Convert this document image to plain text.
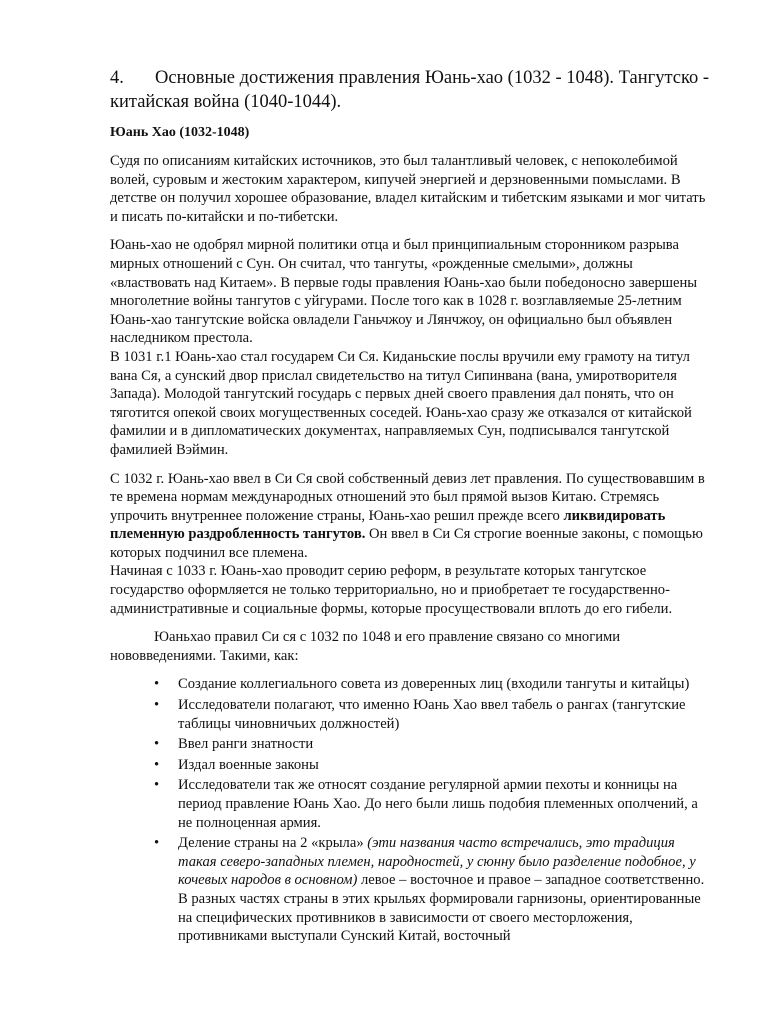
4. Основные достижения правления Юань-хао (1032 - 1048). Тангутско - китайская война (1040-1044).
Юань Хао (1032-1048)

Судя по описаниям китайских источников, это был талантливый человек, с непоколебимой волей, суровым и жестоким характером, кипучей энергией и дерзновенными помыслами. В детстве он получил хорошее образование, владел китайским и тибетским языками и мог читать и писать по-китайски и по-тибетски.

Юань-хао не одобрял мирной политики отца и был принципиальным сторонником разрыва мирных отношений с Сун. Он считал, что тангуты, «рожденные смелыми», должны «властвовать над Китаем». В первые годы правления Юань-хао были победоносно завершены многолетние войны тангутов с уйгурами. После того как в 1028 г. возглавляемые 25-летним Юань-хао тангутские войска овладели Ганьчжоу и Лянчжоу, он официально был объявлен наследником престола.

В 1031 г.1 Юань-хао стал государем Си Ся. Киданьские послы вручили ему грамоту на титул вана Ся, а сунский двор прислал свидетельство на титул Сипинвана (вана, умиротворителя Запада). Молодой тангутский государь с первых дней своего правления дал понять, что он тяготится опекой своих могущественных соседей. Юань-хао сразу же отказался от китайской фамилии и в дипломатических документах, направляемых Сун, подписывался тангутской фамилией Вэймин.

С 1032 г. Юань-хао ввел в Си Ся свой собственный девиз лет правления. По существовавшим в те времена нормам международных отношений это был прямой вызов Китаю. Стремясь упрочить внутреннее положение страны, Юань-хао решил прежде всего ликвидировать племенную раздробленность тангутов. Он ввел в Си Ся строгие военные законы, с помощью которых подчинил все племена.

Начиная с 1033 г. Юань-хао проводит серию реформ, в результате которых тангутское государство оформляется не только территориально, но и приобретает те государственно-административные и социальные формы, которые просуществовали вплоть до его гибели.

Юаньхао правил Си ся с 1032 по 1048 и его правление связано со многими нововведениями. Такими, как:

• Создание коллегиального совета из доверенных лиц (входили тангуты и китайцы)
• Исследователи полагают, что именно Юань Хао ввел табель о рангах (тангутские таблицы чиновничьих должностей)
• Ввел ранги знатности
• Издал военные законы
• Исследователи так же относят создание регулярной армии пехоты и конницы на период правление Юань Хао. До него были лишь подобия племенных ополчений, а не полноценная армия.
• Деление страны на 2 «крыла» (эти названия часто встречались, это традиция такая северо-западных племен, народностей, у сюнну было разделение подобное, у кочевых народов в основном) левое – восточное и правое – западное соответственно. В разных частях страны в этих крыльях формировали гарнизоны, ориентированные на специфических противников в зависимости от своего месторложения, противниками выступали Сунский Китай, восточный
